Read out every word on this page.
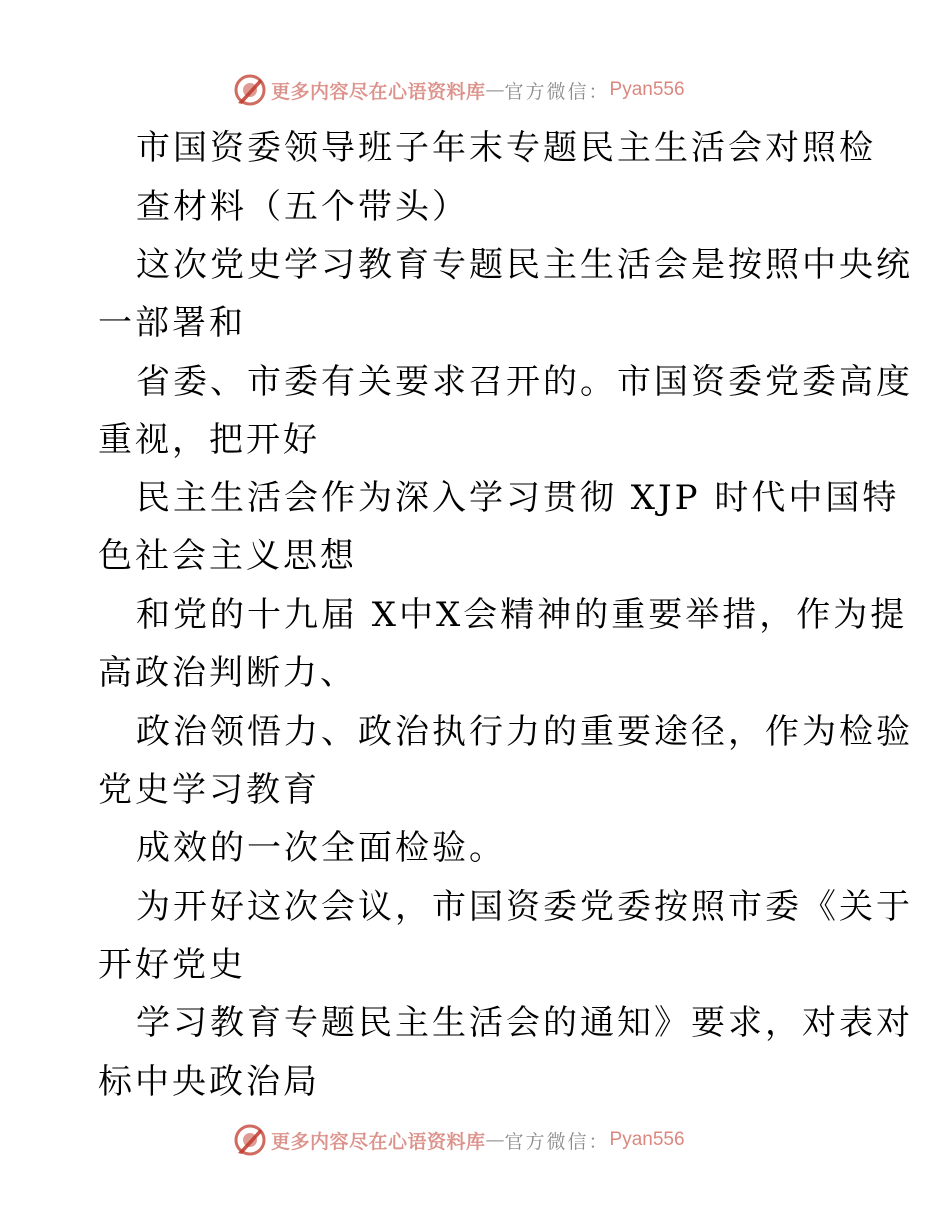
更多内容尽在心语资料库 — 官方微信： Pyan556
市国资委领导班子年末专题民主生活会对照检
查材料（五个带头）
这次党史学习教育专题民主生活会是按照中央统
一部署和
省委、市委有关要求召开的。市国资委党委高度
重视，把开好
民主生活会作为深入学习贯彻 XJP 时代中国特
色社会主义思想
和党的十九届 X中X会精神的重要举措，作为提
高政治判断力、
政治领悟力、政治执行力的重要途径，作为检验
党史学习教育
成效的一次全面检验。
为开好这次会议，市国资委党委按照市委《关于
开好党史
学习教育专题民主生活会的通知》要求，对表对
标中央政治局
更多内容尽在心语资料库 — 官方微信： Pyan556
